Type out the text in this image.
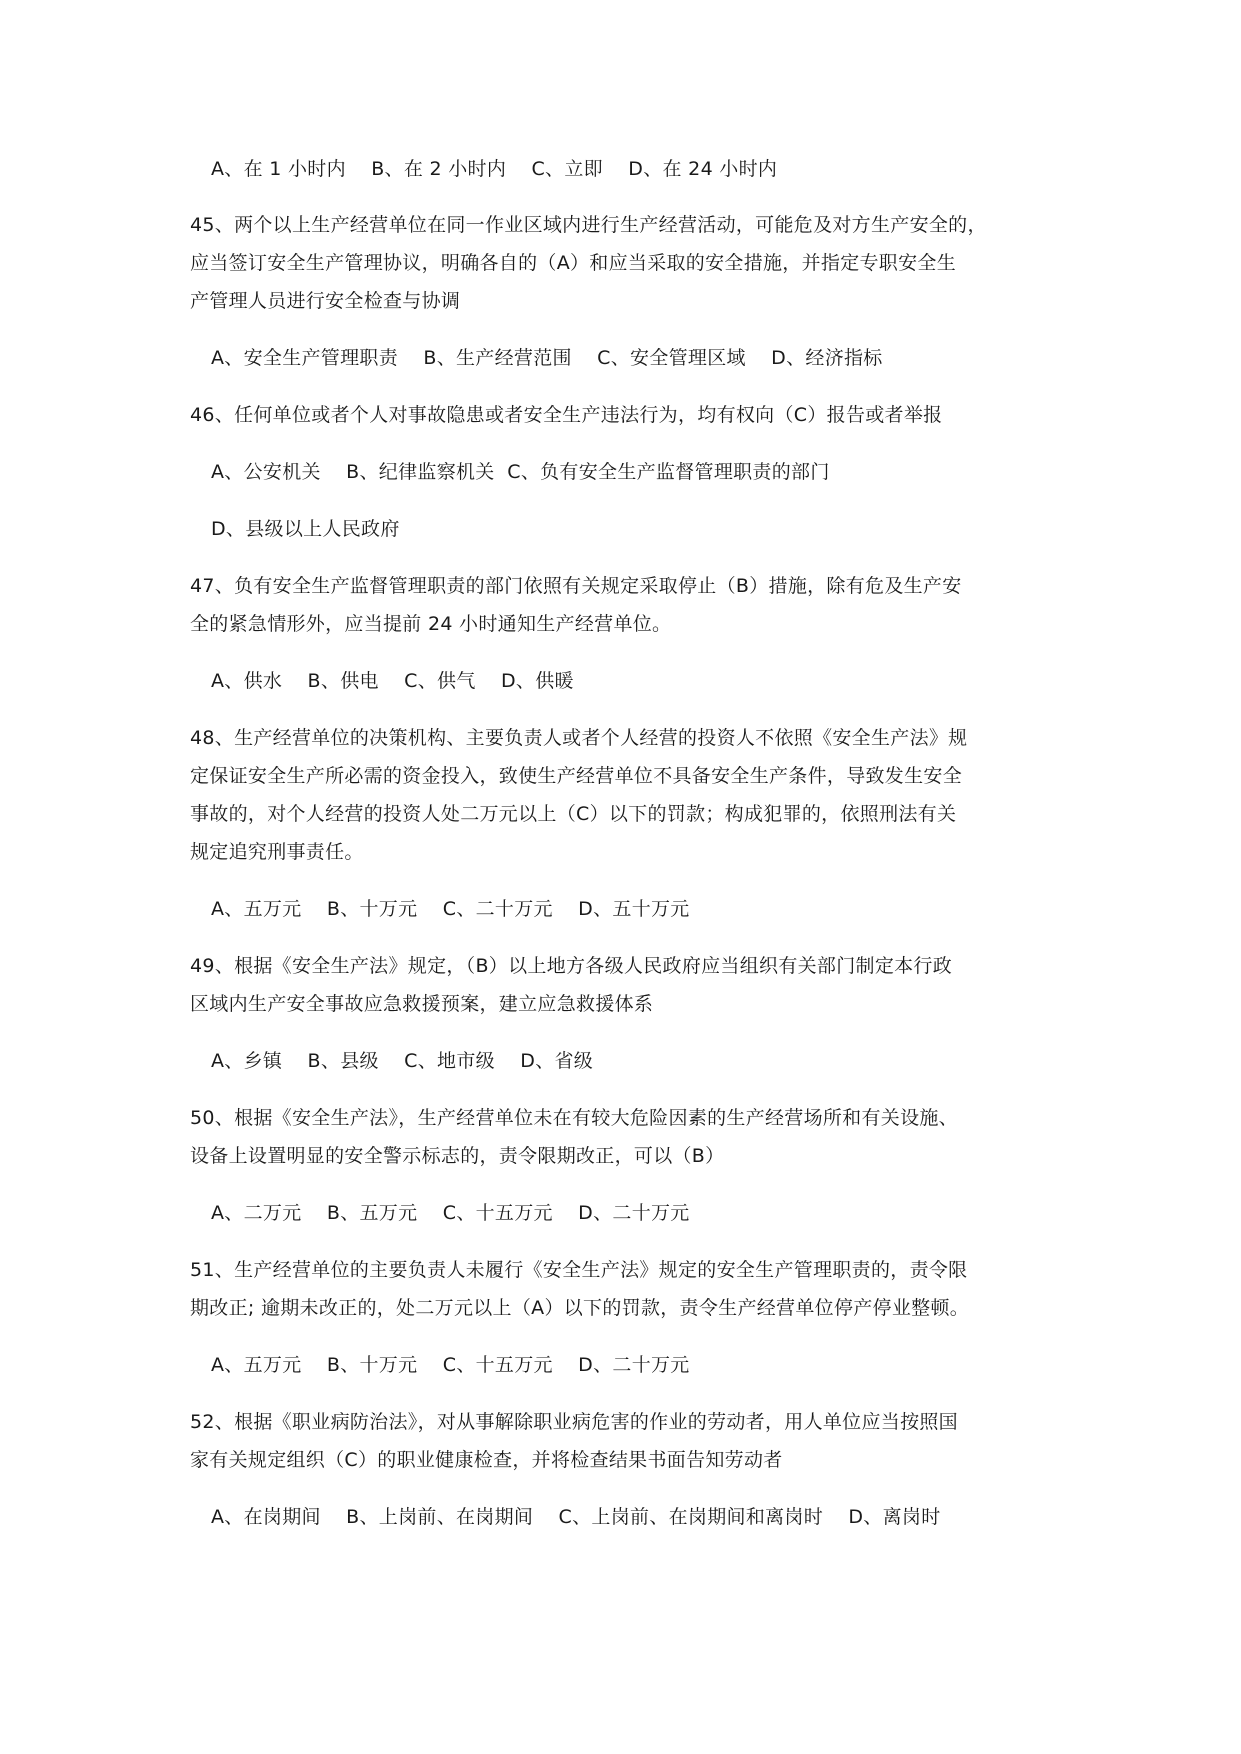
A、在 1 小时内    B、在 2 小时内    C、立即    D、在 24 小时内
45、两个以上生产经营单位在同一作业区域内进行生产经营活动，可能危及对方生产安全的，
应当签订安全生产管理协议，明确各自的（A）和应当采取的安全措施，并指定专职安全生
产管理人员进行安全检查与协调
A、安全生产管理职责    B、生产经营范围    C、安全管理区域    D、经济指标
46、任何单位或者个人对事故隐患或者安全生产违法行为，均有权向（C）报告或者举报
A、公安机关    B、纪律监察机关  C、负有安全生产监督管理职责的部门
D、县级以上人民政府
47、负有安全生产监督管理职责的部门依照有关规定采取停止（B）措施，除有危及生产安
全的紧急情形外，应当提前 24 小时通知生产经营单位。
A、供水    B、供电    C、供气    D、供暖
48、生产经营单位的决策机构、主要负责人或者个人经营的投资人不依照《安全生产法》规
定保证安全生产所必需的资金投入，致使生产经营单位不具备安全生产条件，导致发生安全
事故的，对个人经营的投资人处二万元以上（C）以下的罚款；构成犯罪的，依照刑法有关
规定追究刑事责任。
A、五万元    B、十万元    C、二十万元    D、五十万元
49、根据《安全生产法》规定，（B）以上地方各级人民政府应当组织有关部门制定本行政
区域内生产安全事故应急救援预案，建立应急救援体系
A、乡镇    B、县级    C、地市级    D、省级
50、根据《安全生产法》，生产经营单位未在有较大危险因素的生产经营场所和有关设施、
设备上设置明显的安全警示标志的，责令限期改正，可以（B）
A、二万元    B、五万元    C、十五万元    D、二十万元
51、生产经营单位的主要负责人未履行《安全生产法》规定的安全生产管理职责的，责令限
期改正; 逾期未改正的，处二万元以上（A）以下的罚款，责令生产经营单位停产停业整顿。
A、五万元    B、十万元    C、十五万元    D、二十万元
52、根据《职业病防治法》，对从事解除职业病危害的作业的劳动者，用人单位应当按照国
家有关规定组织（C）的职业健康检查，并将检查结果书面告知劳动者
A、在岗期间    B、上岗前、在岗期间    C、上岗前、在岗期间和离岗时    D、离岗时
